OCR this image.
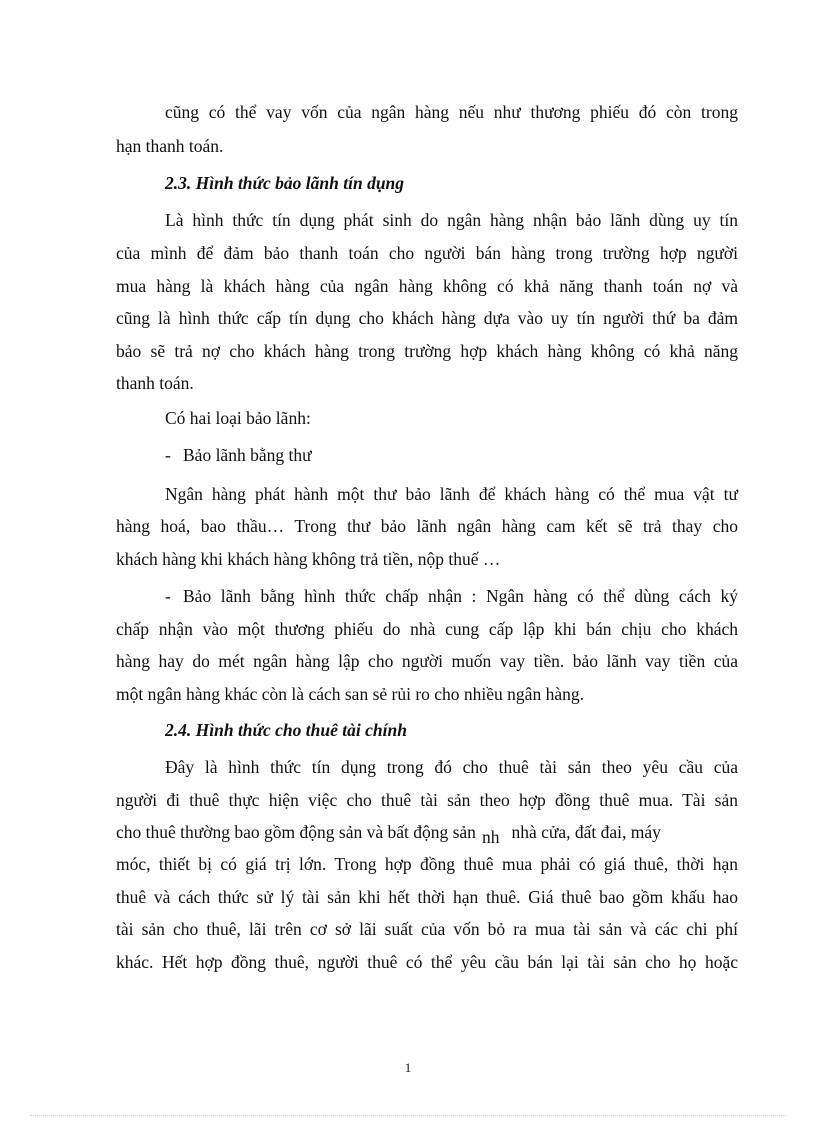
cũng có thể vay vốn của ngân hàng nếu như thương phiếu đó còn trong
hạn thanh toán.
2.3. Hình thức bảo lãnh tín dụng
Là hình thức tín dụng phát sinh do ngân hàng nhận bảo lãnh dùng uy tín
của mình để đảm bảo thanh toán cho người bán hàng trong trường hợp người
mua hàng là khách hàng của ngân hàng không có khả năng thanh toán nợ và
cũng là hình thức cấp tín dụng cho khách hàng dựa vào uy tín người thứ ba đảm
bảo sẽ trả nợ cho khách hàng trong trường hợp khách hàng không có khả năng
thanh toán.
Có hai loại bảo lãnh:
- Bảo lãnh bằng thư
Ngân hàng phát hành một thư bảo lãnh để khách hàng có thể mua vật tư
hàng hoá, bao thầu… Trong thư bảo lãnh ngân hàng cam kết sẽ trả thay cho
khách hàng khi khách hàng không trả tiền, nộp thuế …
- Bảo lãnh bằng hình thức chấp nhận : Ngân hàng có thể dùng cách ký
chấp nhận vào một thương phiếu do nhà cung cấp lập khi bán chịu cho khách
hàng hay do mét ngân hàng lập cho người muốn vay tiền. bảo lãnh vay tiền của
một ngân hàng khác còn là cách san sẻ rủi ro cho nhiều ngân hàng.
2.4. Hình thức cho thuê tài chính
Đây là hình thức tín dụng trong đó cho thuê tài sản theo yêu cầu của
người đi thuê thực hiện việc cho thuê tài sản theo hợp đồng thuê mua. Tài sản
cho thuê thường bao gồm động sản và bất động sản nh nhà cửa, đất đai, máy
móc, thiết bị có giá trị lớn. Trong hợp đồng thuê mua phải có giá thuê, thời hạn
thuê và cách thức sử lý tài sản khi hết thời hạn thuê. Giá thuê bao gồm khấu hao
tài sản cho thuê, lãi trên cơ sở lãi suất của vốn bỏ ra mua tài sản và các chi phí
khác. Hết hợp đồng thuê, người thuê có thể yêu cầu bán lại tài sản cho họ hoặc
1
